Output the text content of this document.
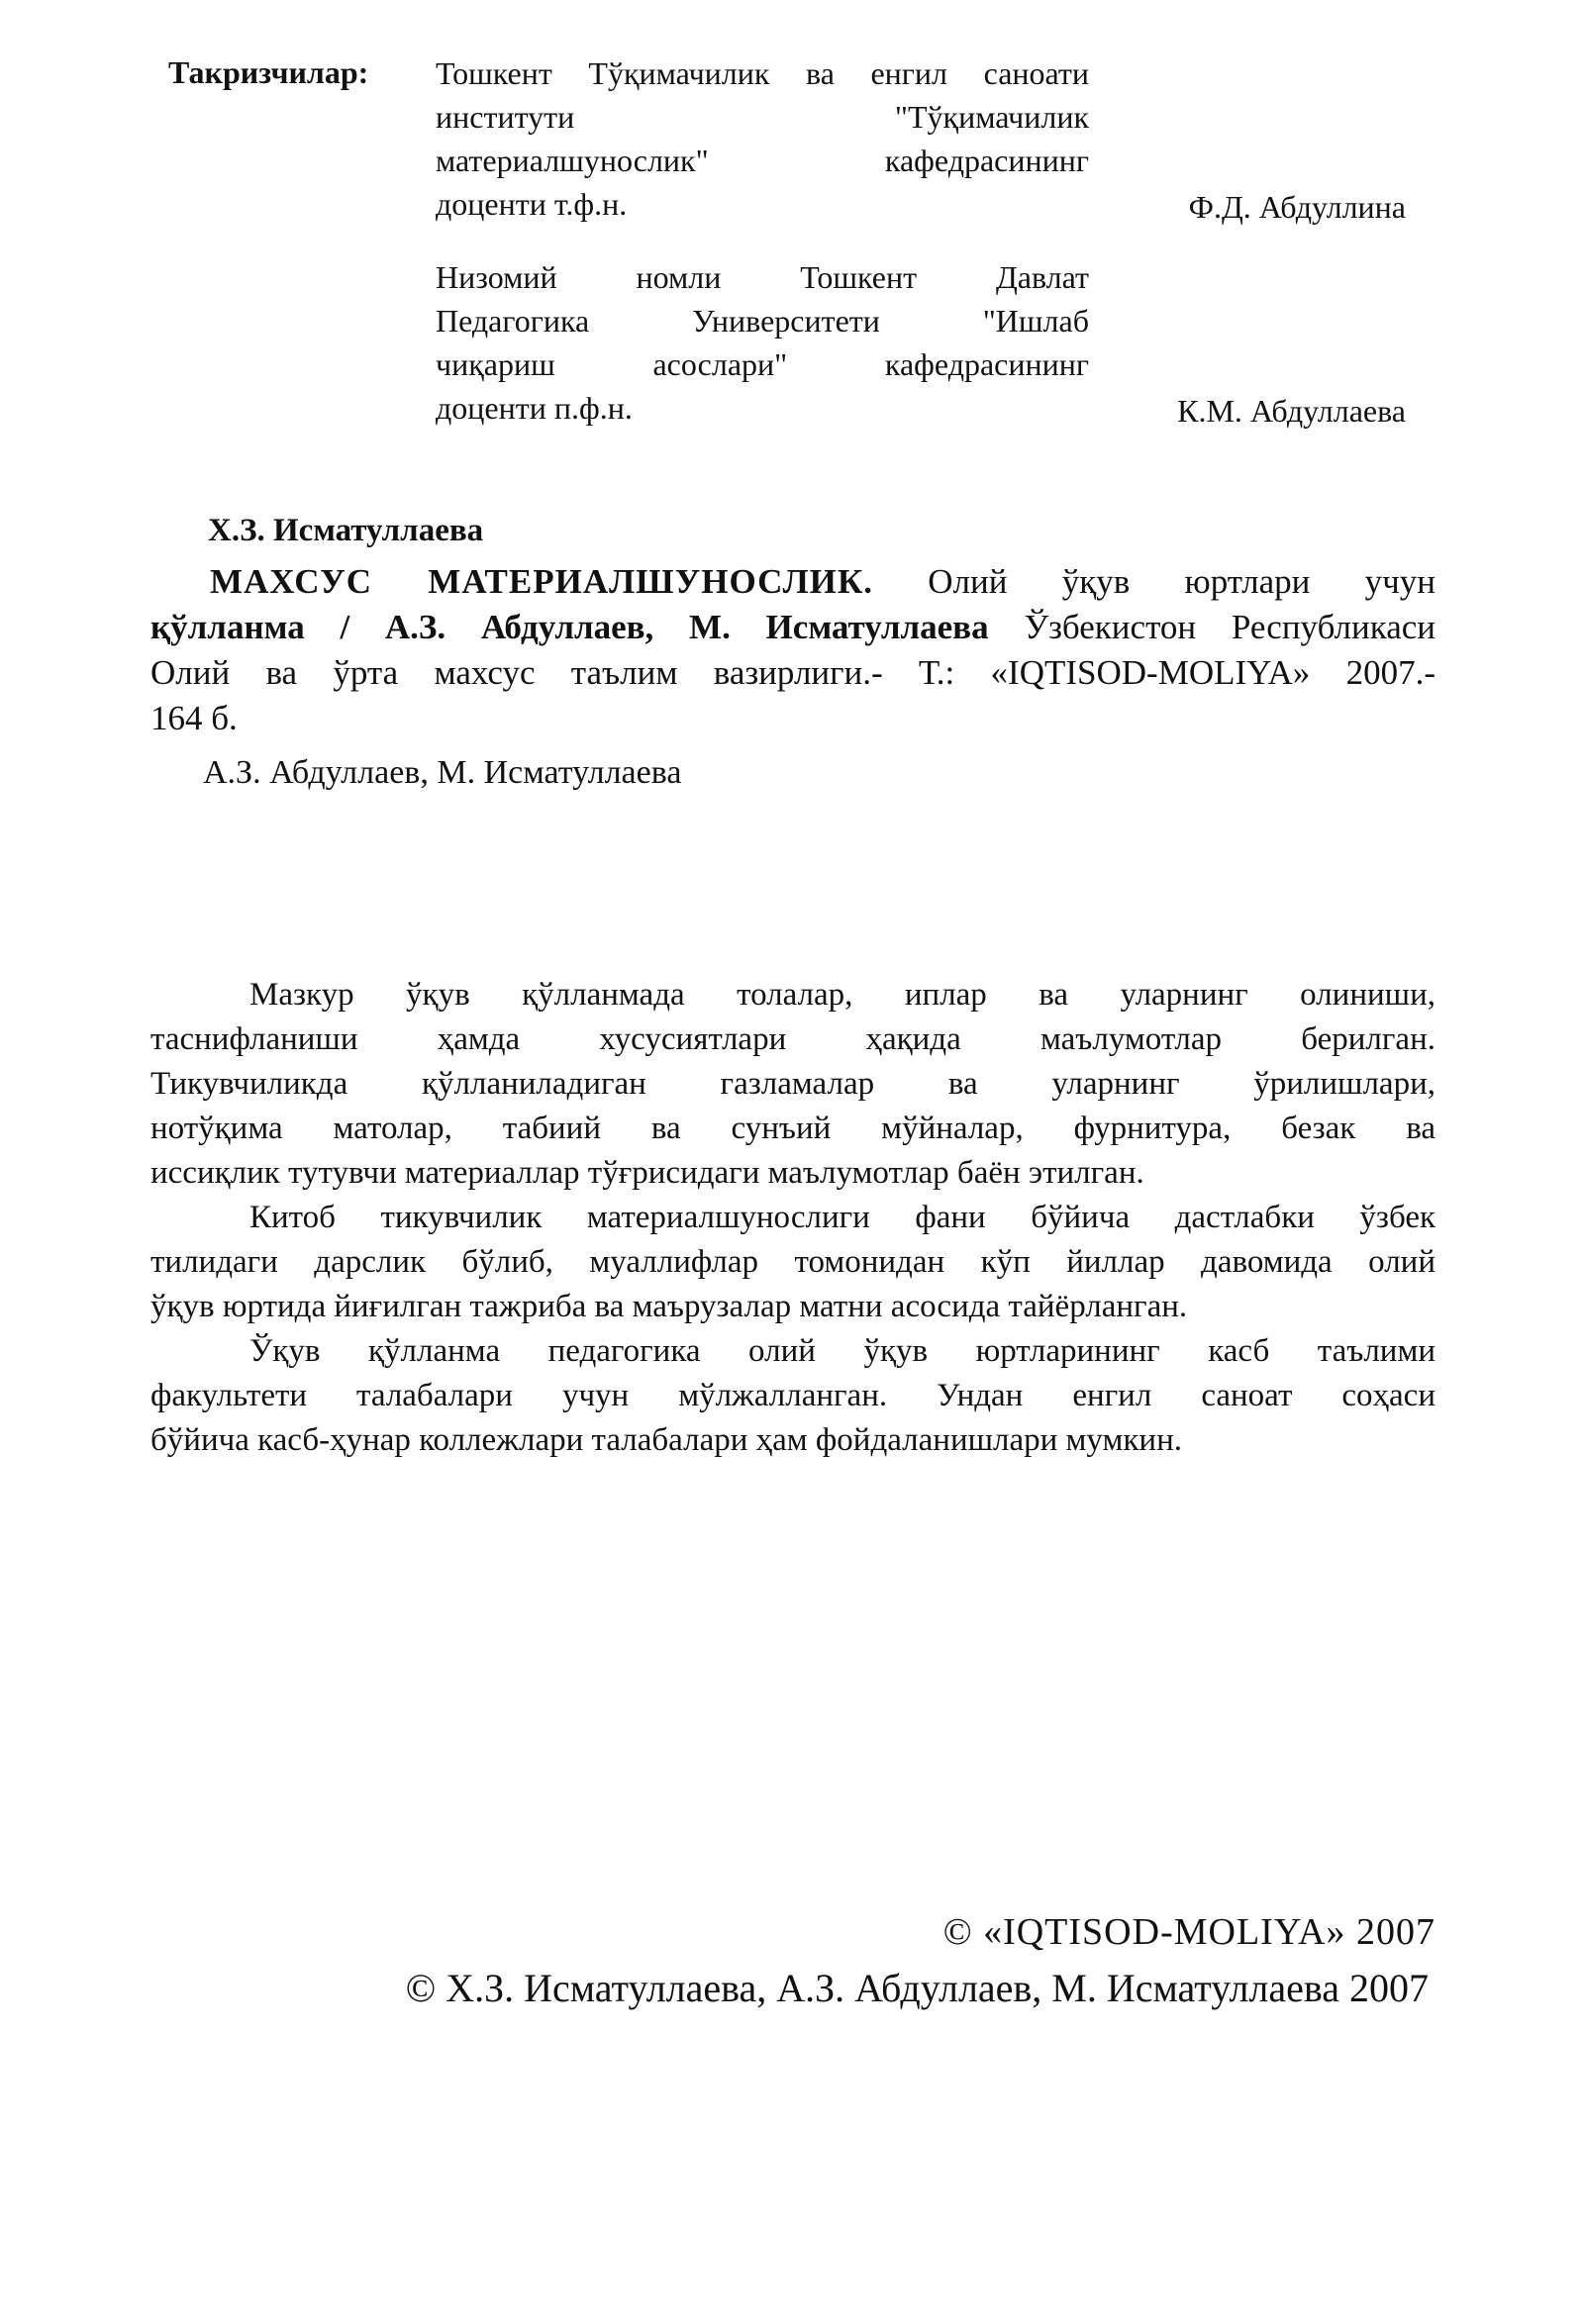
Такризчилар: Тошкент Тўқимачилик ва енгил саноати
институти "Тўқимачилик
материалшунослик" кафедрасининг
доценти т.ф.н.	Ф.Д. Абдуллина
Низомий номли Тошкент Давлат
Педагогика Университети "Ишлаб
чиқариш асослари" кафедрасининг
доценти п.ф.н.	К.М. Абдуллаева
Х.З. Исматуллаева
МАХСУС МАТЕРИАЛШУНОСЛИК. Олий ўқув юртлари учун
қўлланма / А.З. Абдуллаев, М. Исматуллаева Ўзбекистон Республикаси
Олий ва ўрта махсус таълим вазирлиги.- Т.: «IQTISOD-MOLIYA» 2007.-
164 б.
А.З. Абдуллаев, М. Исматуллаева
Мазкур ўқув қўлланмада толалар, иплар ва уларнинг олиниши,
таснифланиши ҳамда хусусиятлари ҳақида маълумотлар берилган.
Тикувчиликда қўлланиладиган газламалар ва уларнинг ўрилишлари,
нотўқима матолар, табиий ва сунъий мўйналар, фурнитура, безак ва
иссиқлик тутувчи материаллар тўғрисидаги маълумотлар баён этилган.
Китоб тикувчилик материалшунослиги фани бўйича дастлабки ўзбек
тилидаги дарслик бўлиб, муаллифлар томонидан кўп йиллар давомида олий
ўқув юртида йиғилган тажриба ва маърузалар матни асосида тайёрланган.
Ўқув қўлланма педагогика олий ўқув юртларининг касб таълими
факультети талабалари учун мўлжалланган. Ундан енгил саноат соҳаси
бўйича касб-ҳунар коллежлари талабалари ҳам фойдаланишлари мумкин.
© «IQTISOD-MOLIYA» 2007
© Х.З. Исматуллаева, А.З. Абдуллаев, М. Исматуллаева 2007
